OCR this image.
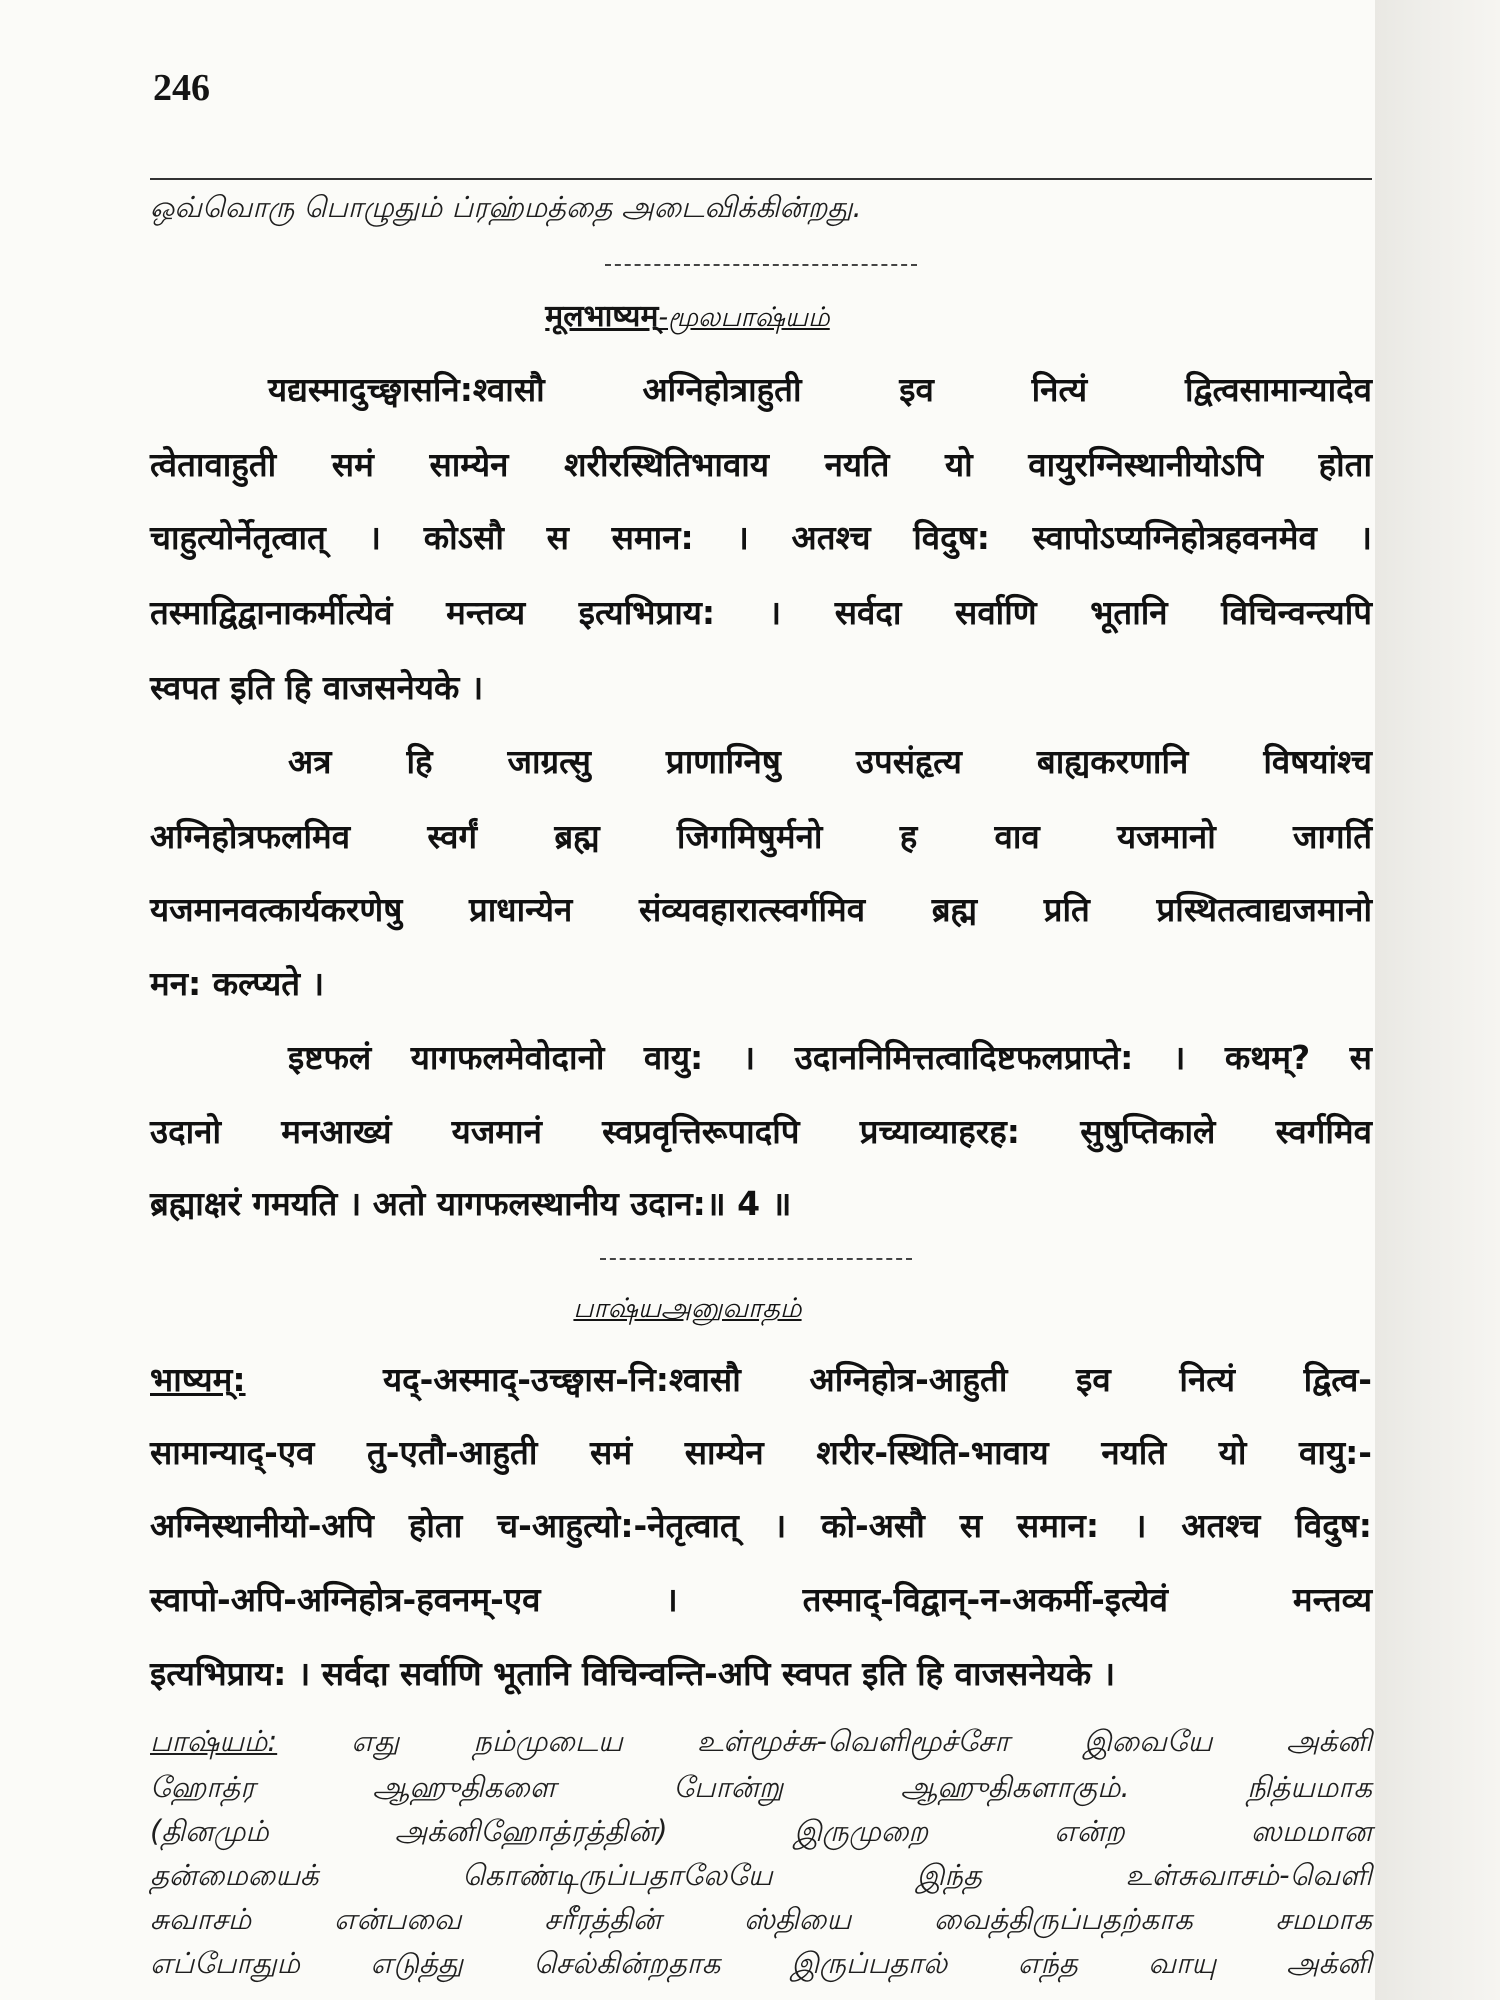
246
ஒவ்வொரு பொழுதும் ப்ரஹ்மத்தை அடைவிக்கின்றது.
मूलभाष्यम्-மூலபாஷ்யம்
यद्यस्मादुच्छ्वासनि:श्वासौ अग्निहोत्राहुती इव नित्यं द्वित्वसामान्यादेव
त्वेतावाहुती समं साम्येन शरीरस्थितिभावाय नयति यो वायुरग्निस्थानीयोऽपि होता
चाहुत्योर्नेतृत्वात् । कोऽसौ स समान: । अतश्च विदुष: स्वापोऽप्यग्निहोत्रहवनमेव ।
तस्माद्विद्वानाकर्मीत्येवं मन्तव्य इत्यभिप्राय: । सर्वदा सर्वाणि भूतानि विचिन्वन्त्यपि
स्वपत इति हि वाजसनेयके ।
अत्र हि जाग्रत्सु प्राणाग्निषु उपसंहृत्य बाह्यकरणानि विषयांश्च
अग्निहोत्रफलमिव स्वर्गं ब्रह्म जिगमिषुर्मनो ह वाव यजमानो जागर्ति
यजमानवत्कार्यकरणेषु प्राधान्येन संव्यवहारात्स्वर्गमिव ब्रह्म प्रति प्रस्थितत्वाद्यजमानो
मन: कल्प्यते ।
इष्टफलं यागफलमेवोदानो वायु: । उदाननिमित्तत्वादिष्टफलप्राप्ते: । कथम्? स
उदानो मनआख्यं यजमानं स्वप्रवृत्तिरूपादपि प्रच्याव्याहरह: सुषुप्तिकाले स्वर्गमिव
ब्रह्माक्षरं गमयति । अतो यागफलस्थानीय उदान:॥ 4 ॥
பாஷ்யஅனுவாதம்
भाष्यम्:	यद्-अस्माद्-उच्छ्वास-नि:श्वासौ अग्निहोत्र-आहुती इव नित्यं द्वित्व-
सामान्याद्-एव तु-एतौ-आहुती समं साम्येन शरीर-स्थिति-भावाय नयति यो वायु:-
अग्निस्थानीयो-अपि होता च-आहुत्यो:-नेतृत्वात् । को-असौ स समान: । अतश्च विदुष:
स्वापो-अपि-अग्निहोत्र-हवनम्-एव । तस्माद्-विद्वान्-न-अकर्मी-इत्येवं मन्तव्य
इत्यभिप्राय: । सर्वदा सर्वाणि भूतानि विचिन्वन्ति-अपि स्वपत इति हि वाजसनेयके ।
பாஷ்யம்: எது நம்முடைய உள்மூச்சு-வெளிமூச்சோ இவையே அக்னி
ஹோத்ர ஆஹுதிகளை போன்று ஆஹுதிகளாகும். நித்யமாக
(தினமும் அக்னிஹோத்ரத்தின்) இருமுறை என்ற ஸமமான
தன்மையைக் கொண்டிருப்பதாலேயே இந்த உள்சுவாசம்-வெளி
சுவாசம் என்பவை சரீரத்தின் ஸ்தியை வைத்திருப்பதற்காக சமமாக
எப்போதும் எடுத்து செல்கின்றதாக இருப்பதால் எந்த வாயு அக்னி
